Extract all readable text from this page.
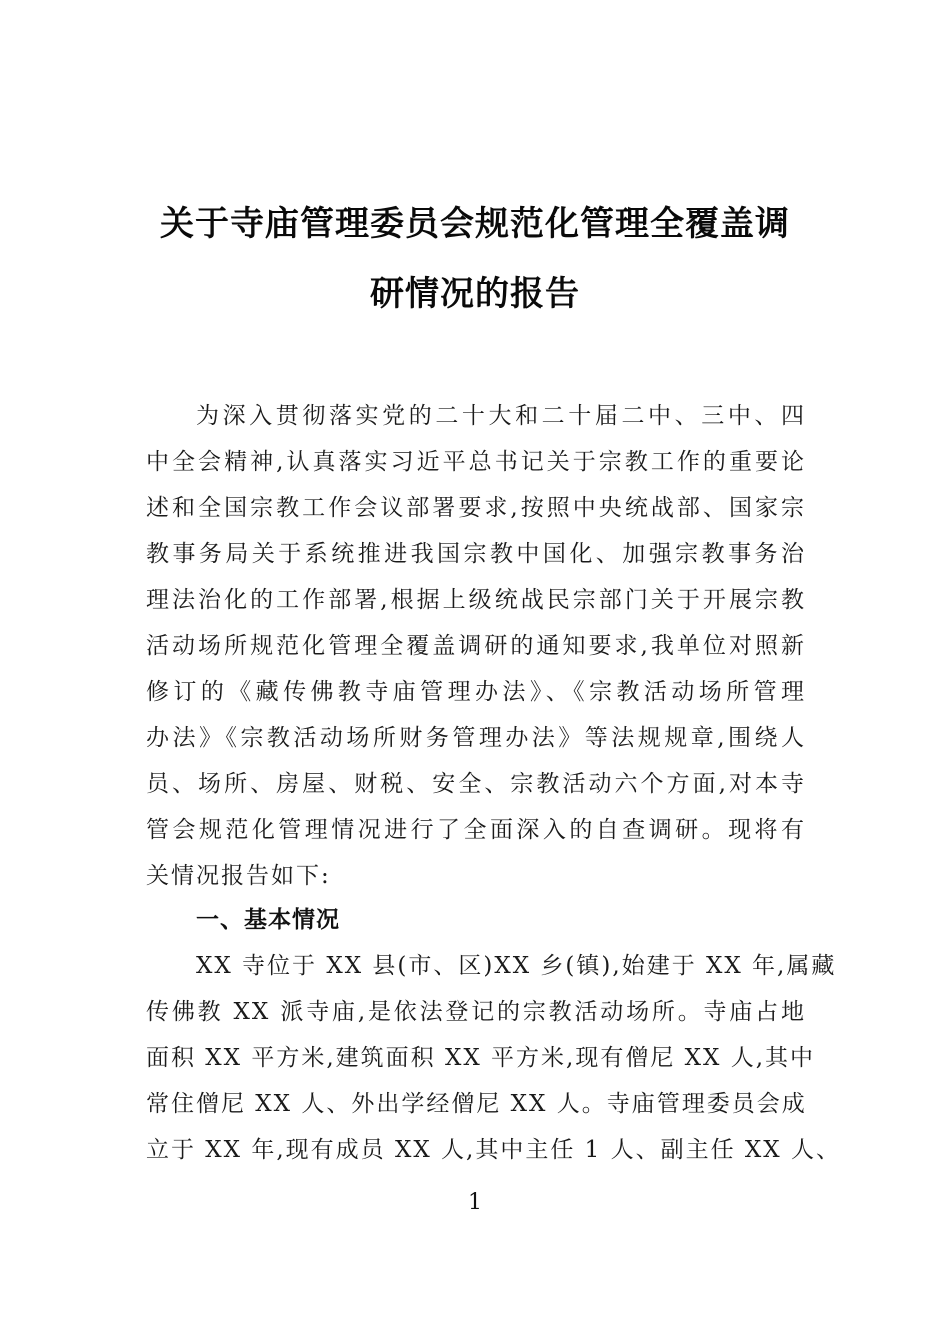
关于寺庙管理委员会规范化管理全覆盖调
研情况的报告
为深入贯彻落实党的二十大和二十届二中、三中、四
中全会精神,认真落实习近平总书记关于宗教工作的重要论
述和全国宗教工作会议部署要求,按照中央统战部、国家宗
教事务局关于系统推进我国宗教中国化、加强宗教事务治
理法治化的工作部署,根据上级统战民宗部门关于开展宗教
活动场所规范化管理全覆盖调研的通知要求,我单位对照新
修订的《藏传佛教寺庙管理办法》、《宗教活动场所管理
办法》《宗教活动场所财务管理办法》等法规规章,围绕人
员、场所、房屋、财税、安全、宗教活动六个方面,对本寺
管会规范化管理情况进行了全面深入的自查调研。现将有
关情况报告如下:
一、基本情况
XX 寺位于 XX 县(市、区)XX 乡(镇),始建于 XX 年,属藏
传佛教 XX 派寺庙,是依法登记的宗教活动场所。寺庙占地
面积 XX 平方米,建筑面积 XX 平方米,现有僧尼 XX 人,其中
常住僧尼 XX 人、外出学经僧尼 XX 人。寺庙管理委员会成
立于 XX 年,现有成员 XX 人,其中主任 1 人、副主任 XX 人、
1
